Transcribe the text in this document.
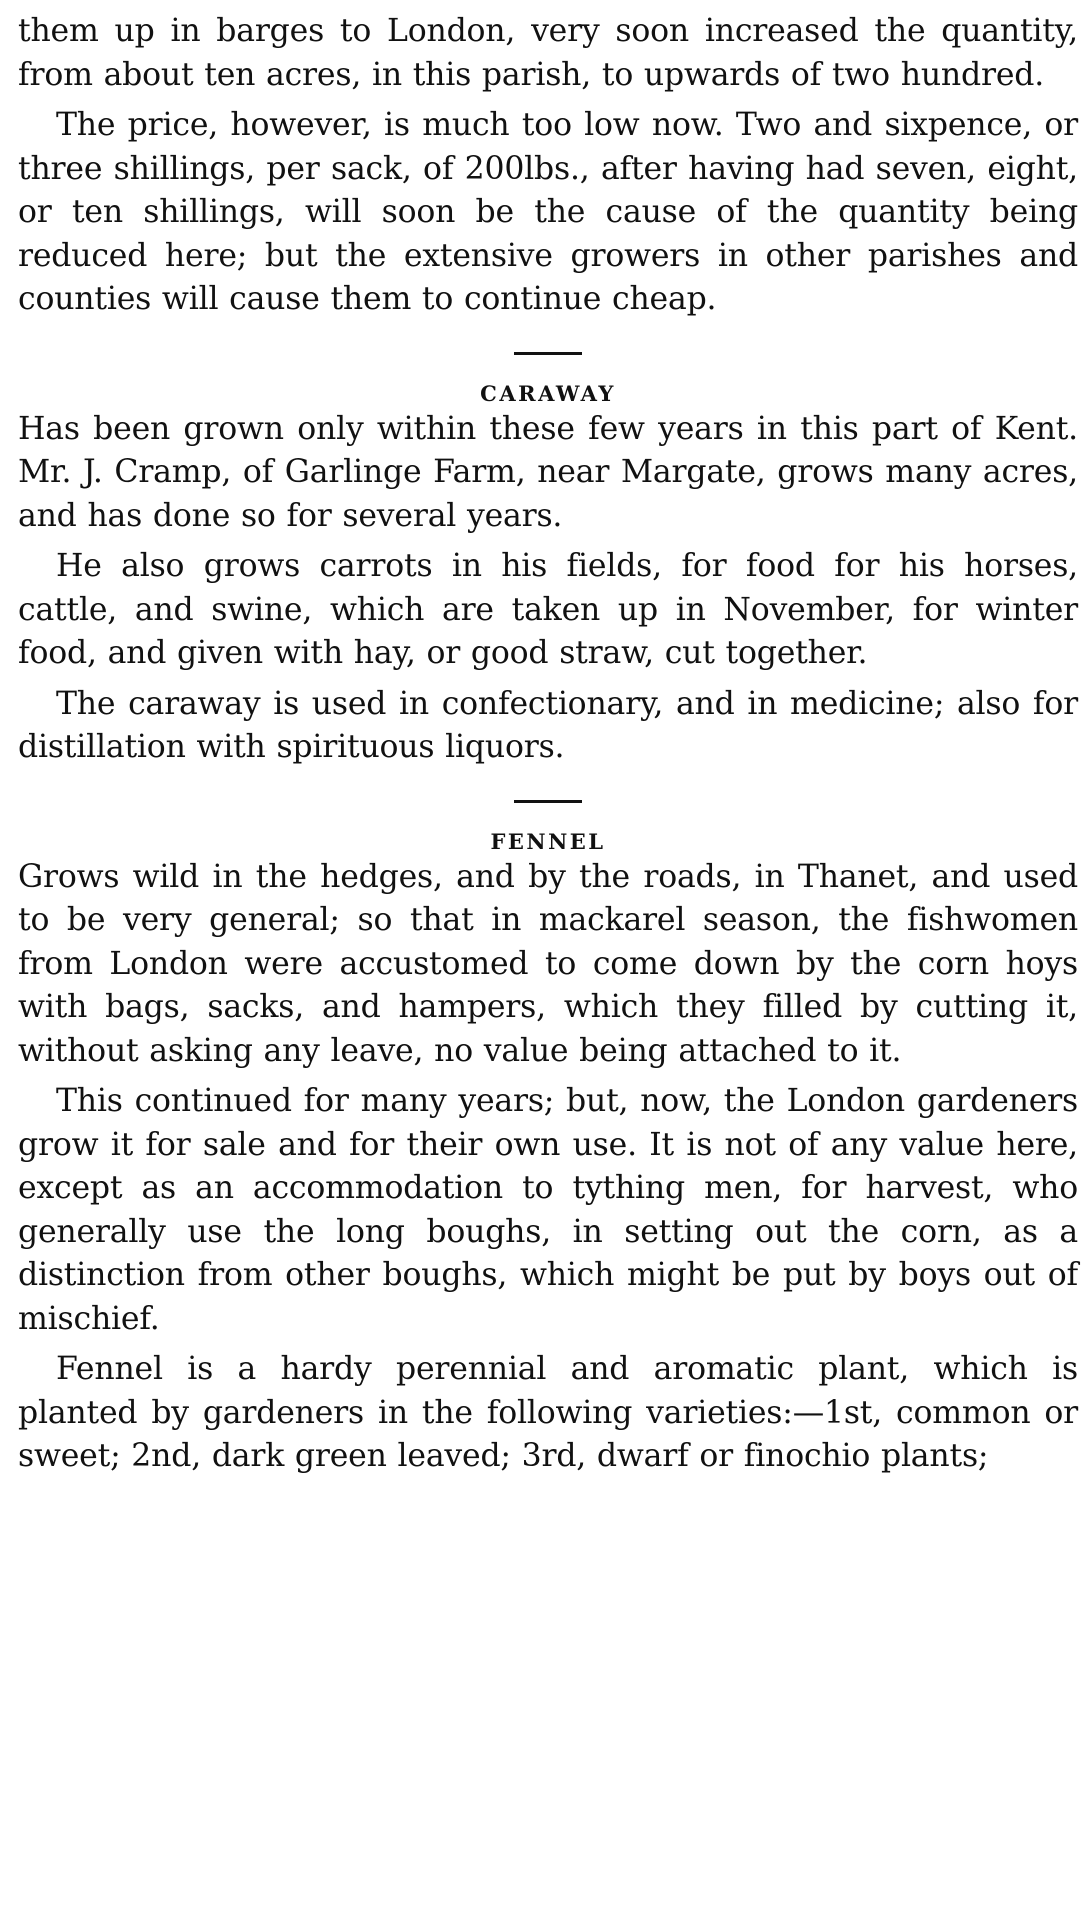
them up in barges to London, very soon increased the quantity, from about ten acres, in this parish, to upwards of two hundred.

The price, however, is much too low now. Two and sixpence, or three shillings, per sack, of 200lbs., after having had seven, eight, or ten shillings, will soon be the cause of the quantity being reduced here; but the extensive growers in other parishes and counties will cause them to continue cheap.

CARAWAY

Has been grown only within these few years in this part of Kent. Mr. J. Cramp, of Garlinge Farm, near Margate, grows many acres, and has done so for several years.

He also grows carrots in his fields, for food for his horses, cattle, and swine, which are taken up in November, for winter food, and given with hay, or good straw, cut together.

The caraway is used in confectionary, and in medicine; also for distillation with spirituous liquors.

FENNEL

Grows wild in the hedges, and by the roads, in Thanet, and used to be very general; so that in mackarel season, the fishwomen from London were accustomed to come down by the corn hoys with bags, sacks, and hampers, which they filled by cutting it, without asking any leave, no value being attached to it.

This continued for many years; but, now, the London gardeners grow it for sale and for their own use. It is not of any value here, except as an accommodation to tything men, for harvest, who generally use the long boughs, in setting out the corn, as a distinction from other boughs, which might be put by boys out of mischief.

Fennel is a hardy perennial and aromatic plant, which is planted by gardeners in the following varieties:—1st, common or sweet; 2nd, dark green leaved; 3rd, dwarf or finochio plants;
